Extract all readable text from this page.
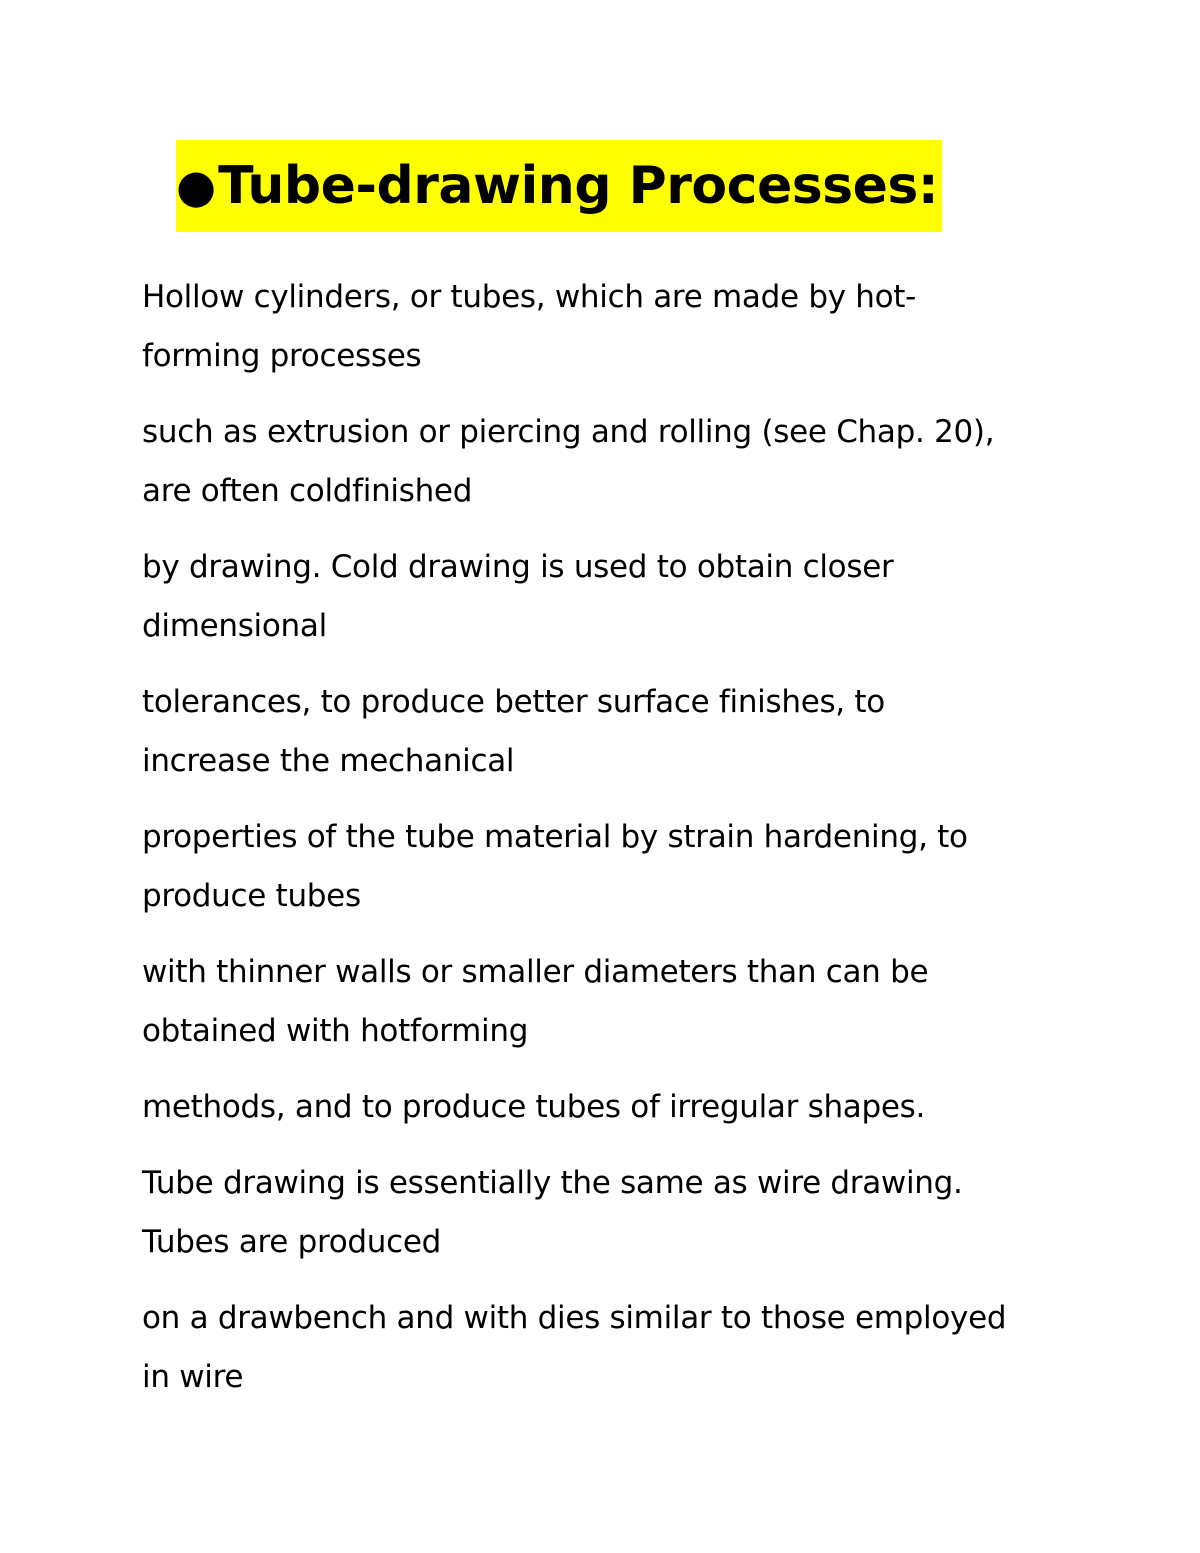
● Tube-drawing Processes:

Hollow cylinders, or tubes, which are made by hot-
forming processes

such as extrusion or piercing and rolling (see Chap. 20),
are often coldfinished

by drawing. Cold drawing is used to obtain closer
dimensional

tolerances, to produce better surface finishes, to
increase the mechanical

properties of the tube material by strain hardening, to
produce tubes

with thinner walls or smaller diameters than can be
obtained with hotforming

methods, and to produce tubes of irregular shapes.

Tube drawing is essentially the same as wire drawing.
Tubes are produced

on a drawbench and with dies similar to those employed
in wire
